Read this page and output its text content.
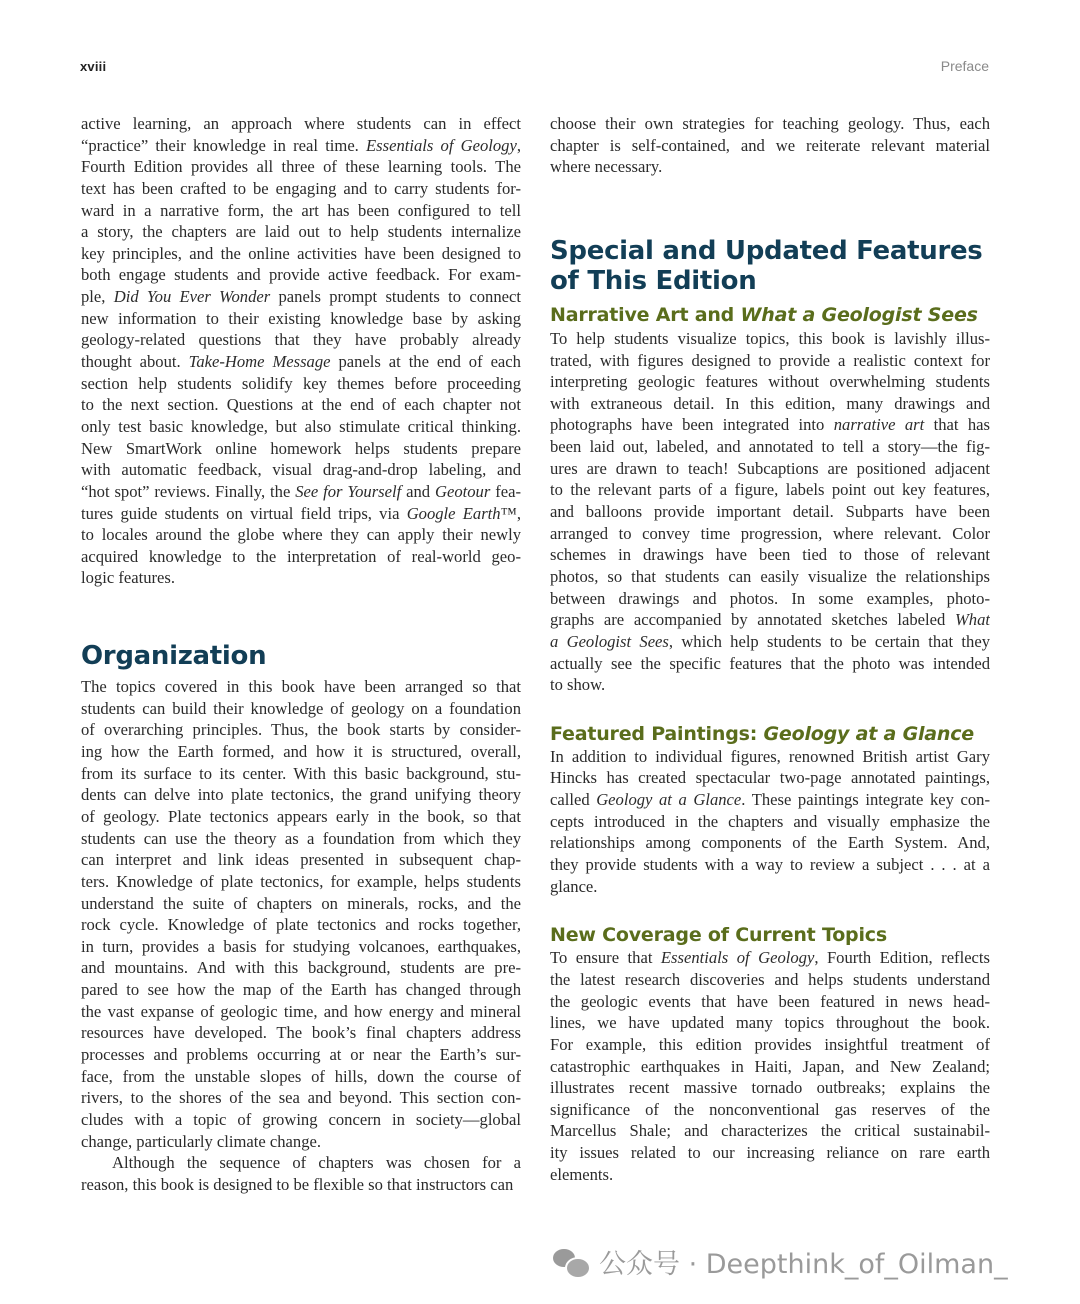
xviii	Preface
active learning, an approach where students can in effect
“practice” their knowledge in real time. Essentials of Geology,
Fourth Edition provides all three of these learning tools. The
text has been crafted to be engaging and to carry students for-
ward in a narrative form, the art has been configured to tell
a story, the chapters are laid out to help students internalize
key principles, and the online activities have been designed to
both engage students and provide active feedback. For exam-
ple, Did You Ever Wonder panels prompt students to connect
new information to their existing knowledge base by asking
geology-related questions that they have probably already
thought about. Take-Home Message panels at the end of each
section help students solidify key themes before proceeding
to the next section. Questions at the end of each chapter not
only test basic knowledge, but also stimulate critical thinking.
New SmartWork online homework helps students prepare
with automatic feedback, visual drag-and-drop labeling, and
“hot spot” reviews. Finally, the See for Yourself and Geotour fea-
tures guide students on virtual field trips, via Google Earth™,
to locales around the globe where they can apply their newly
acquired knowledge to the interpretation of real-world geo-
logic features.
Organization
The topics covered in this book have been arranged so that
students can build their knowledge of geology on a foundation
of overarching principles. Thus, the book starts by consider-
ing how the Earth formed, and how it is structured, overall,
from its surface to its center. With this basic background, stu-
dents can delve into plate tectonics, the grand unifying theory
of geology. Plate tectonics appears early in the book, so that
students can use the theory as a foundation from which they
can interpret and link ideas presented in subsequent chap-
ters. Knowledge of plate tectonics, for example, helps students
understand the suite of chapters on minerals, rocks, and the
rock cycle. Knowledge of plate tectonics and rocks together,
in turn, provides a basis for studying volcanoes, earthquakes,
and mountains. And with this background, students are pre-
pared to see how the map of the Earth has changed through
the vast expanse of geologic time, and how energy and mineral
resources have developed. The book’s final chapters address
processes and problems occurring at or near the Earth’s sur-
face, from the unstable slopes of hills, down the course of
rivers, to the shores of the sea and beyond. This section con-
cludes with a topic of growing concern in society—global
change, particularly climate change.
Although the sequence of chapters was chosen for a
reason, this book is designed to be flexible so that instructors can
choose their own strategies for teaching geology. Thus, each
chapter is self-contained, and we reiterate relevant material
where necessary.
Special and Updated Features
of This Edition
Narrative Art and What a Geologist Sees
To help students visualize topics, this book is lavishly illus-
trated, with figures designed to provide a realistic context for
interpreting geologic features without overwhelming students
with extraneous detail. In this edition, many drawings and
photographs have been integrated into narrative art that has
been laid out, labeled, and annotated to tell a story—the fig-
ures are drawn to teach! Subcaptions are positioned adjacent
to the relevant parts of a figure, labels point out key features,
and balloons provide important detail. Subparts have been
arranged to convey time progression, where relevant. Color
schemes in drawings have been tied to those of relevant
photos, so that students can easily visualize the relationships
between drawings and photos. In some examples, photo-
graphs are accompanied by annotated sketches labeled What
a Geologist Sees, which help students to be certain that they
actually see the specific features that the photo was intended
to show.
Featured Paintings: Geology at a Glance
In addition to individual figures, renowned British artist Gary
Hincks has created spectacular two-page annotated paintings,
called Geology at a Glance. These paintings integrate key con-
cepts introduced in the chapters and visually emphasize the
relationships among components of the Earth System. And,
they provide students with a way to review a subject . . . at a
glance.
New Coverage of Current Topics
To ensure that Essentials of Geology, Fourth Edition, reflects
the latest research discoveries and helps students understand
the geologic events that have been featured in news head-
lines, we have updated many topics throughout the book.
For example, this edition provides insightful treatment of
catastrophic earthquakes in Haiti, Japan, and New Zealand;
illustrates recent massive tornado outbreaks; explains the
significance of the nonconventional gas reserves of the
Marcellus Shale; and characterizes the critical sustainabil-
ity issues related to our increasing reliance on rare earth
elements.
公众号 · Deepthink_of_Oilman_
